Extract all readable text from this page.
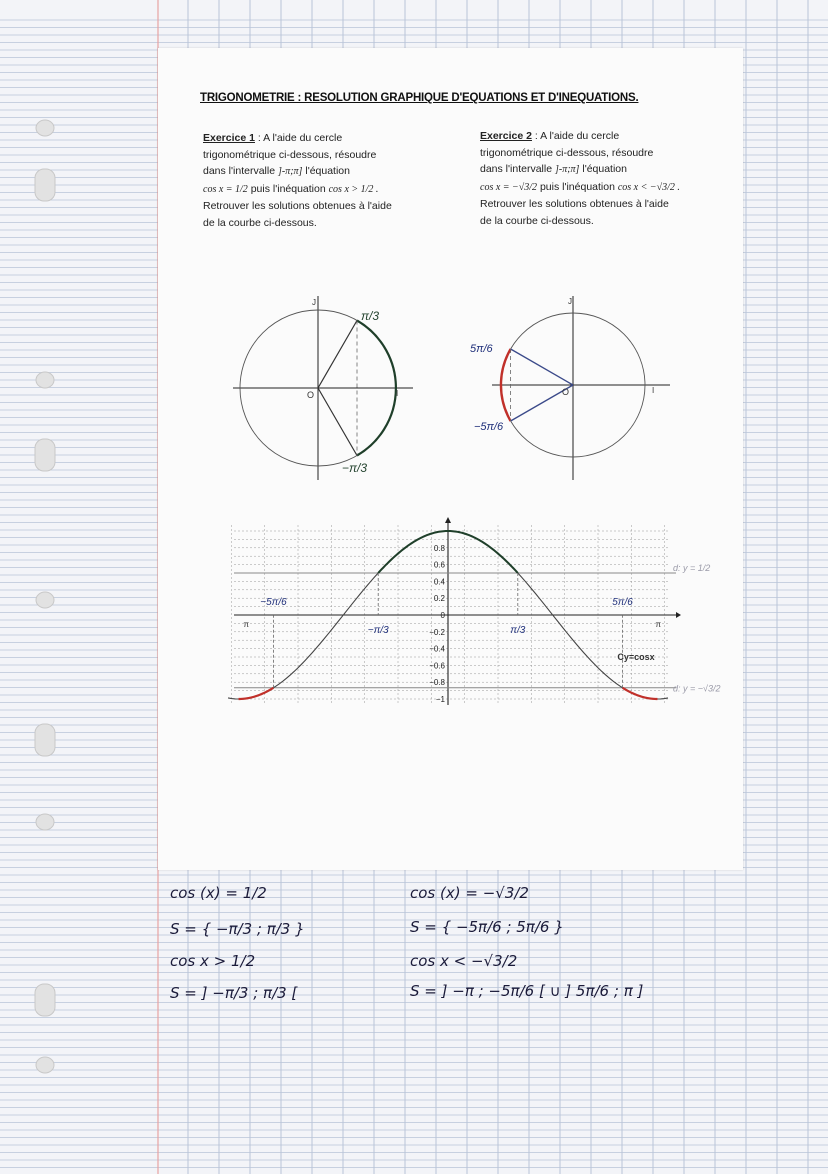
TRIGONOMETRIE : RESOLUTION GRAPHIQUE D'EQUATIONS ET D'INEQUATIONS.
Exercice 1 : A l'aide du cercle
trigonométrique ci-dessous, résoudre
dans l'intervalle ]-π;π] l'équation
cos x = 1/2 puis l'inéquation cos x > 1/2 .
Retrouver les solutions obtenues à l'aide
de la courbe ci-dessous.
Exercice 2 : A l'aide du cercle
trigonométrique ci-dessous, résoudre
dans l'intervalle ]-π;π] l'équation
cos x = −√3/2 puis l'inéquation cos x < −√3/2 .
Retrouver les solutions obtenues à l'aide
de la courbe ci-dessous.
J
I
O
π/3
−π/3
J
I
O
5π/6
−5π/6
0.8
0.6
0.4
0.2
0
−0.2
−0.4
−0.6
−0.8
−1
d: y = 1/2
d: y = −√3/2
−5π/6
−π/3	π/3
5π/6
π	π
Cy=cosx
cos (x) = 1/2
S = { −π/3 ; π/3 }
cos x > 1/2
S = ] −π/3 ; π/3 [
cos (x) = −√3/2
S = { −5π/6 ; 5π/6 }
cos x < −√3/2
S = ] −π ; −5π/6 [ ∪ ] 5π/6 ; π ]
